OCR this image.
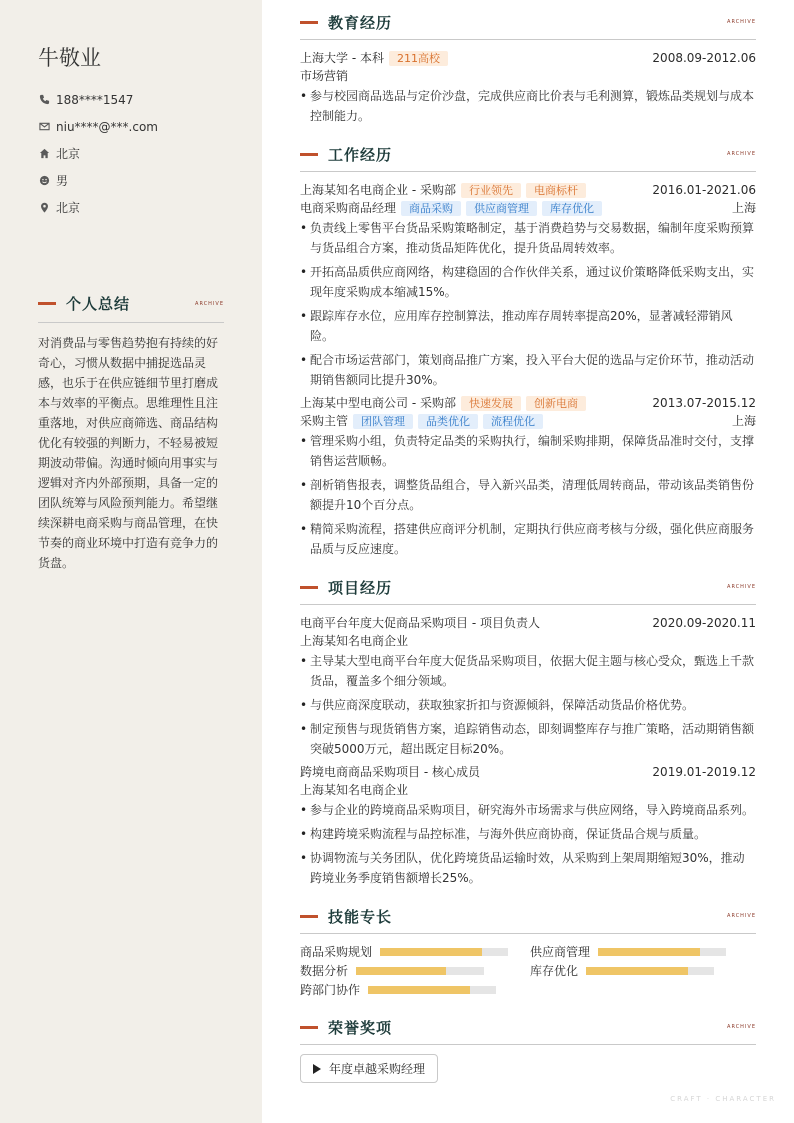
牛敬业
188****1547
niu****@***.com
北京
男
北京
个人总结	ARCHIVE
对消费品与零售趋势抱有持续的好奇心，习惯从数据中捕捉选品灵感，也乐于在供应链细节里打磨成本与效率的平衡点。思维理性且注重落地，对供应商筛选、商品结构优化有较强的判断力，不轻易被短期波动带偏。沟通时倾向用事实与逻辑对齐内外部预期，具备一定的团队统筹与风险预判能力。希望继续深耕电商采购与商品管理，在快节奏的商业环境中打造有竞争力的货盘。
教育经历	ARCHIVE
上海大学 - 本科	211高校	2008.09-2012.06
市场营销
• 参与校园商品选品与定价沙盘，完成供应商比价表与毛利测算，锻炼品类规划与成本控制能力。
工作经历	ARCHIVE
上海某知名电商企业 - 采购部	行业领先	电商标杆	2016.01-2021.06
电商采购商品经理	商品采购	供应商管理	库存优化	上海
• 负责线上零售平台货品采购策略制定，基于消费趋势与交易数据，编制年度采购预算与货品组合方案，推动货品矩阵优化，提升货品周转效率。
• 开拓高品质供应商网络，构建稳固的合作伙伴关系，通过议价策略降低采购支出，实现年度采购成本缩减15%。
• 跟踪库存水位，应用库存控制算法，推动库存周转率提高20%，显著减轻滞销风险。
• 配合市场运营部门，策划商品推广方案，投入平台大促的选品与定价环节，推动活动期销售额同比提升30%。
上海某中型电商公司 - 采购部	快速发展	创新电商	2013.07-2015.12
采购主管	团队管理	品类优化	流程优化	上海
• 管理采购小组，负责特定品类的采购执行，编制采购排期，保障货品准时交付，支撑销售运营顺畅。
• 剖析销售报表，调整货品组合，导入新兴品类，清理低周转商品，带动该品类销售份额提升10个百分点。
• 精简采购流程，搭建供应商评分机制，定期执行供应商考核与分级，强化供应商服务品质与反应速度。
项目经历	ARCHIVE
电商平台年度大促商品采购项目 - 项目负责人	2020.09-2020.11
上海某知名电商企业
• 主导某大型电商平台年度大促货品采购项目，依据大促主题与核心受众，甄选上千款货品，覆盖多个细分领域。
• 与供应商深度联动，获取独家折扣与资源倾斜，保障活动货品价格优势。
• 制定预售与现货销售方案，追踪销售动态，即刻调整库存与推广策略，活动期销售额突破5000万元，超出既定目标20%。
跨境电商商品采购项目 - 核心成员	2019.01-2019.12
上海某知名电商企业
• 参与企业的跨境商品采购项目，研究海外市场需求与供应网络，导入跨境商品系列。
• 构建跨境采购流程与品控标准，与海外供应商协商，保证货品合规与质量。
• 协调物流与关务团队，优化跨境货品运输时效，从采购到上架周期缩短30%，推动跨境业务季度销售额增长25%。
技能专长	ARCHIVE
商品采购规划	供应商管理
数据分析	库存优化
跨部门协作
荣誉奖项	ARCHIVE
年度卓越采购经理
CRAFT · CHARACTER
